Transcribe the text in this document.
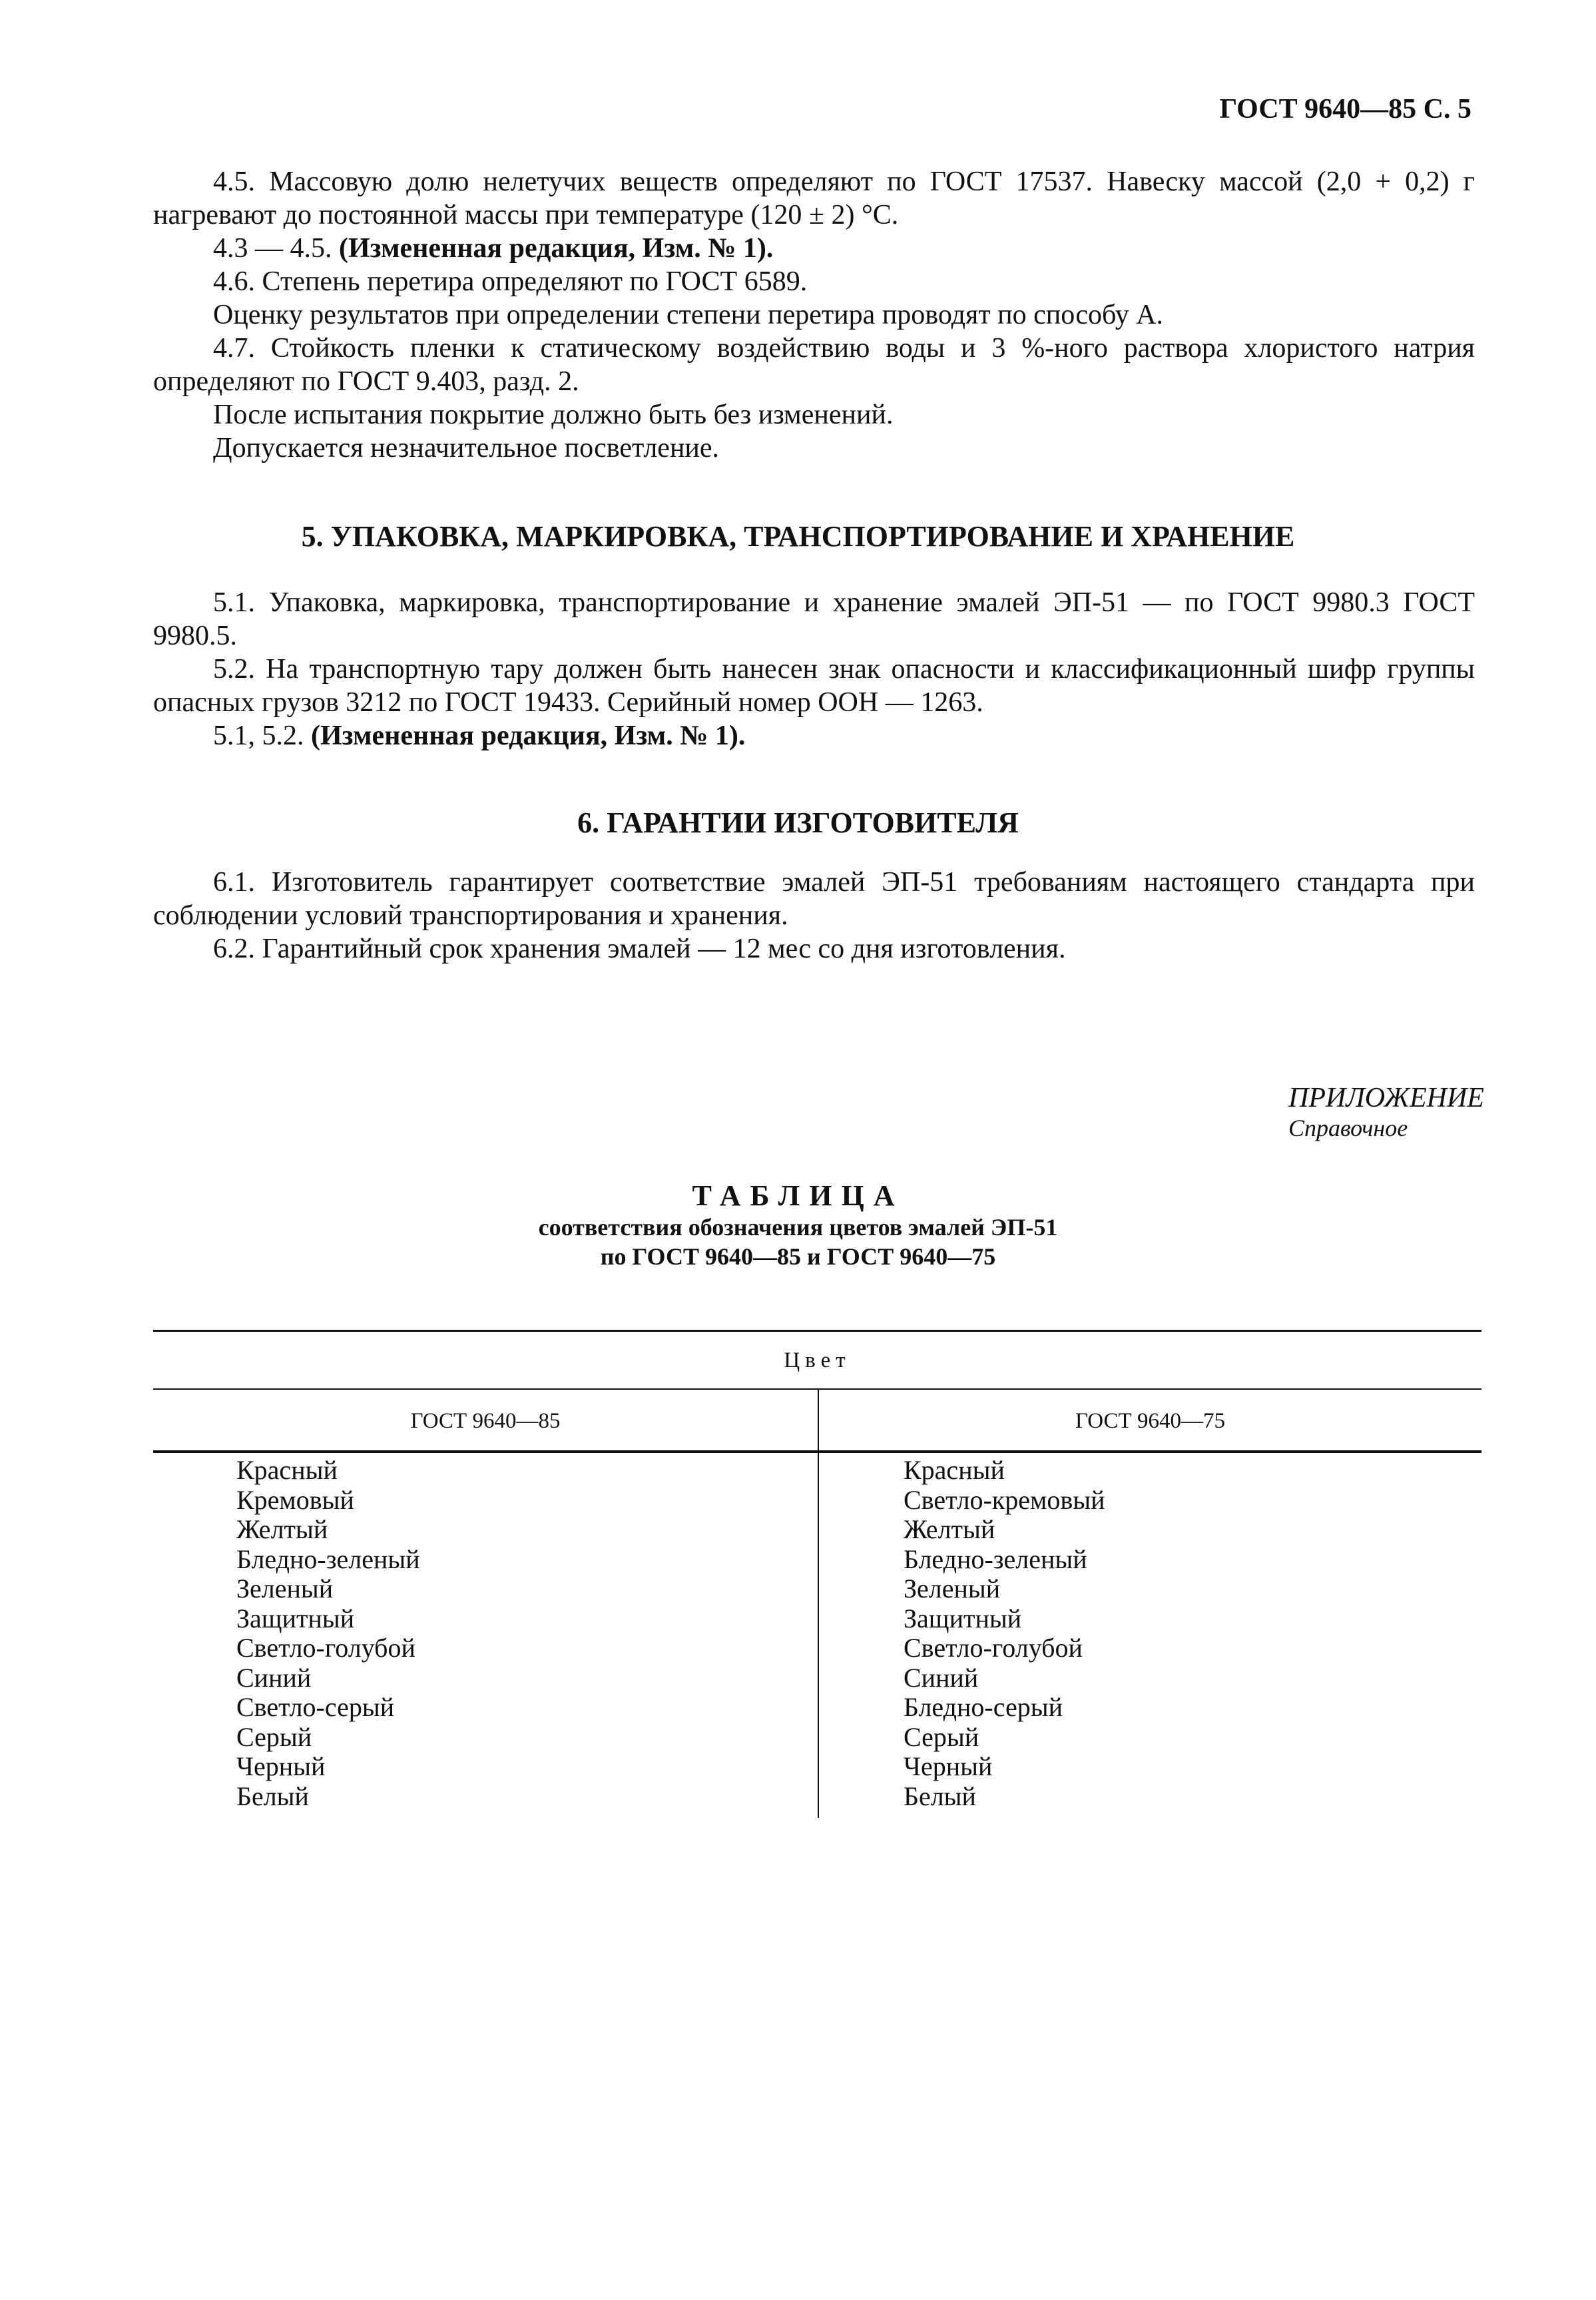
ГОСТ 9640—85 С. 5
4.5. Массовую долю нелетучих веществ определяют по ГОСТ 17537. Навеску массой (2,0 + 0,2) г нагревают до постоянной массы при температуре (120 ± 2) °С.
4.3 — 4.5. (Измененная редакция, Изм. № 1).
4.6. Степень перетира определяют по ГОСТ 6589.
Оценку результатов при определении степени перетира проводят по способу А.
4.7. Стойкость пленки к статическому воздействию воды и 3 %-ного раствора хлористого натрия определяют по ГОСТ 9.403, разд. 2.
После испытания покрытие должно быть без изменений.
Допускается незначительное посветление.
5. УПАКОВКА, МАРКИРОВКА, ТРАНСПОРТИРОВАНИЕ И ХРАНЕНИЕ
5.1. Упаковка, маркировка, транспортирование и хранение эмалей ЭП-51 — по ГОСТ 9980.3 ГОСТ 9980.5.
5.2. На транспортную тару должен быть нанесен знак опасности и классификационный шифр группы опасных грузов 3212 по ГОСТ 19433. Серийный номер ООН — 1263.
5.1, 5.2. (Измененная редакция, Изм. № 1).
6. ГАРАНТИИ ИЗГОТОВИТЕЛЯ
6.1. Изготовитель гарантирует соответствие эмалей ЭП-51 требованиям настоящего стандарта при соблюдении условий транспортирования и хранения.
6.2. Гарантийный срок хранения эмалей — 12 мес со дня изготовления.
ПРИЛОЖЕНИЕ
Справочное
ТАБЛИЦА
соответствия обозначения цветов эмалей ЭП-51
по ГОСТ 9640—85 и ГОСТ 9640—75
Цвет
ГОСТ 9640—85	ГОСТ 9640—75
Красный
Кремовый
Желтый
Бледно-зеленый
Зеленый
Защитный
Светло-голубой
Синий
Светло-серый
Серый
Черный
Белый
Красный
Светло-кремовый
Желтый
Бледно-зеленый
Зеленый
Защитный
Светло-голубой
Синий
Бледно-серый
Серый
Черный
Белый
